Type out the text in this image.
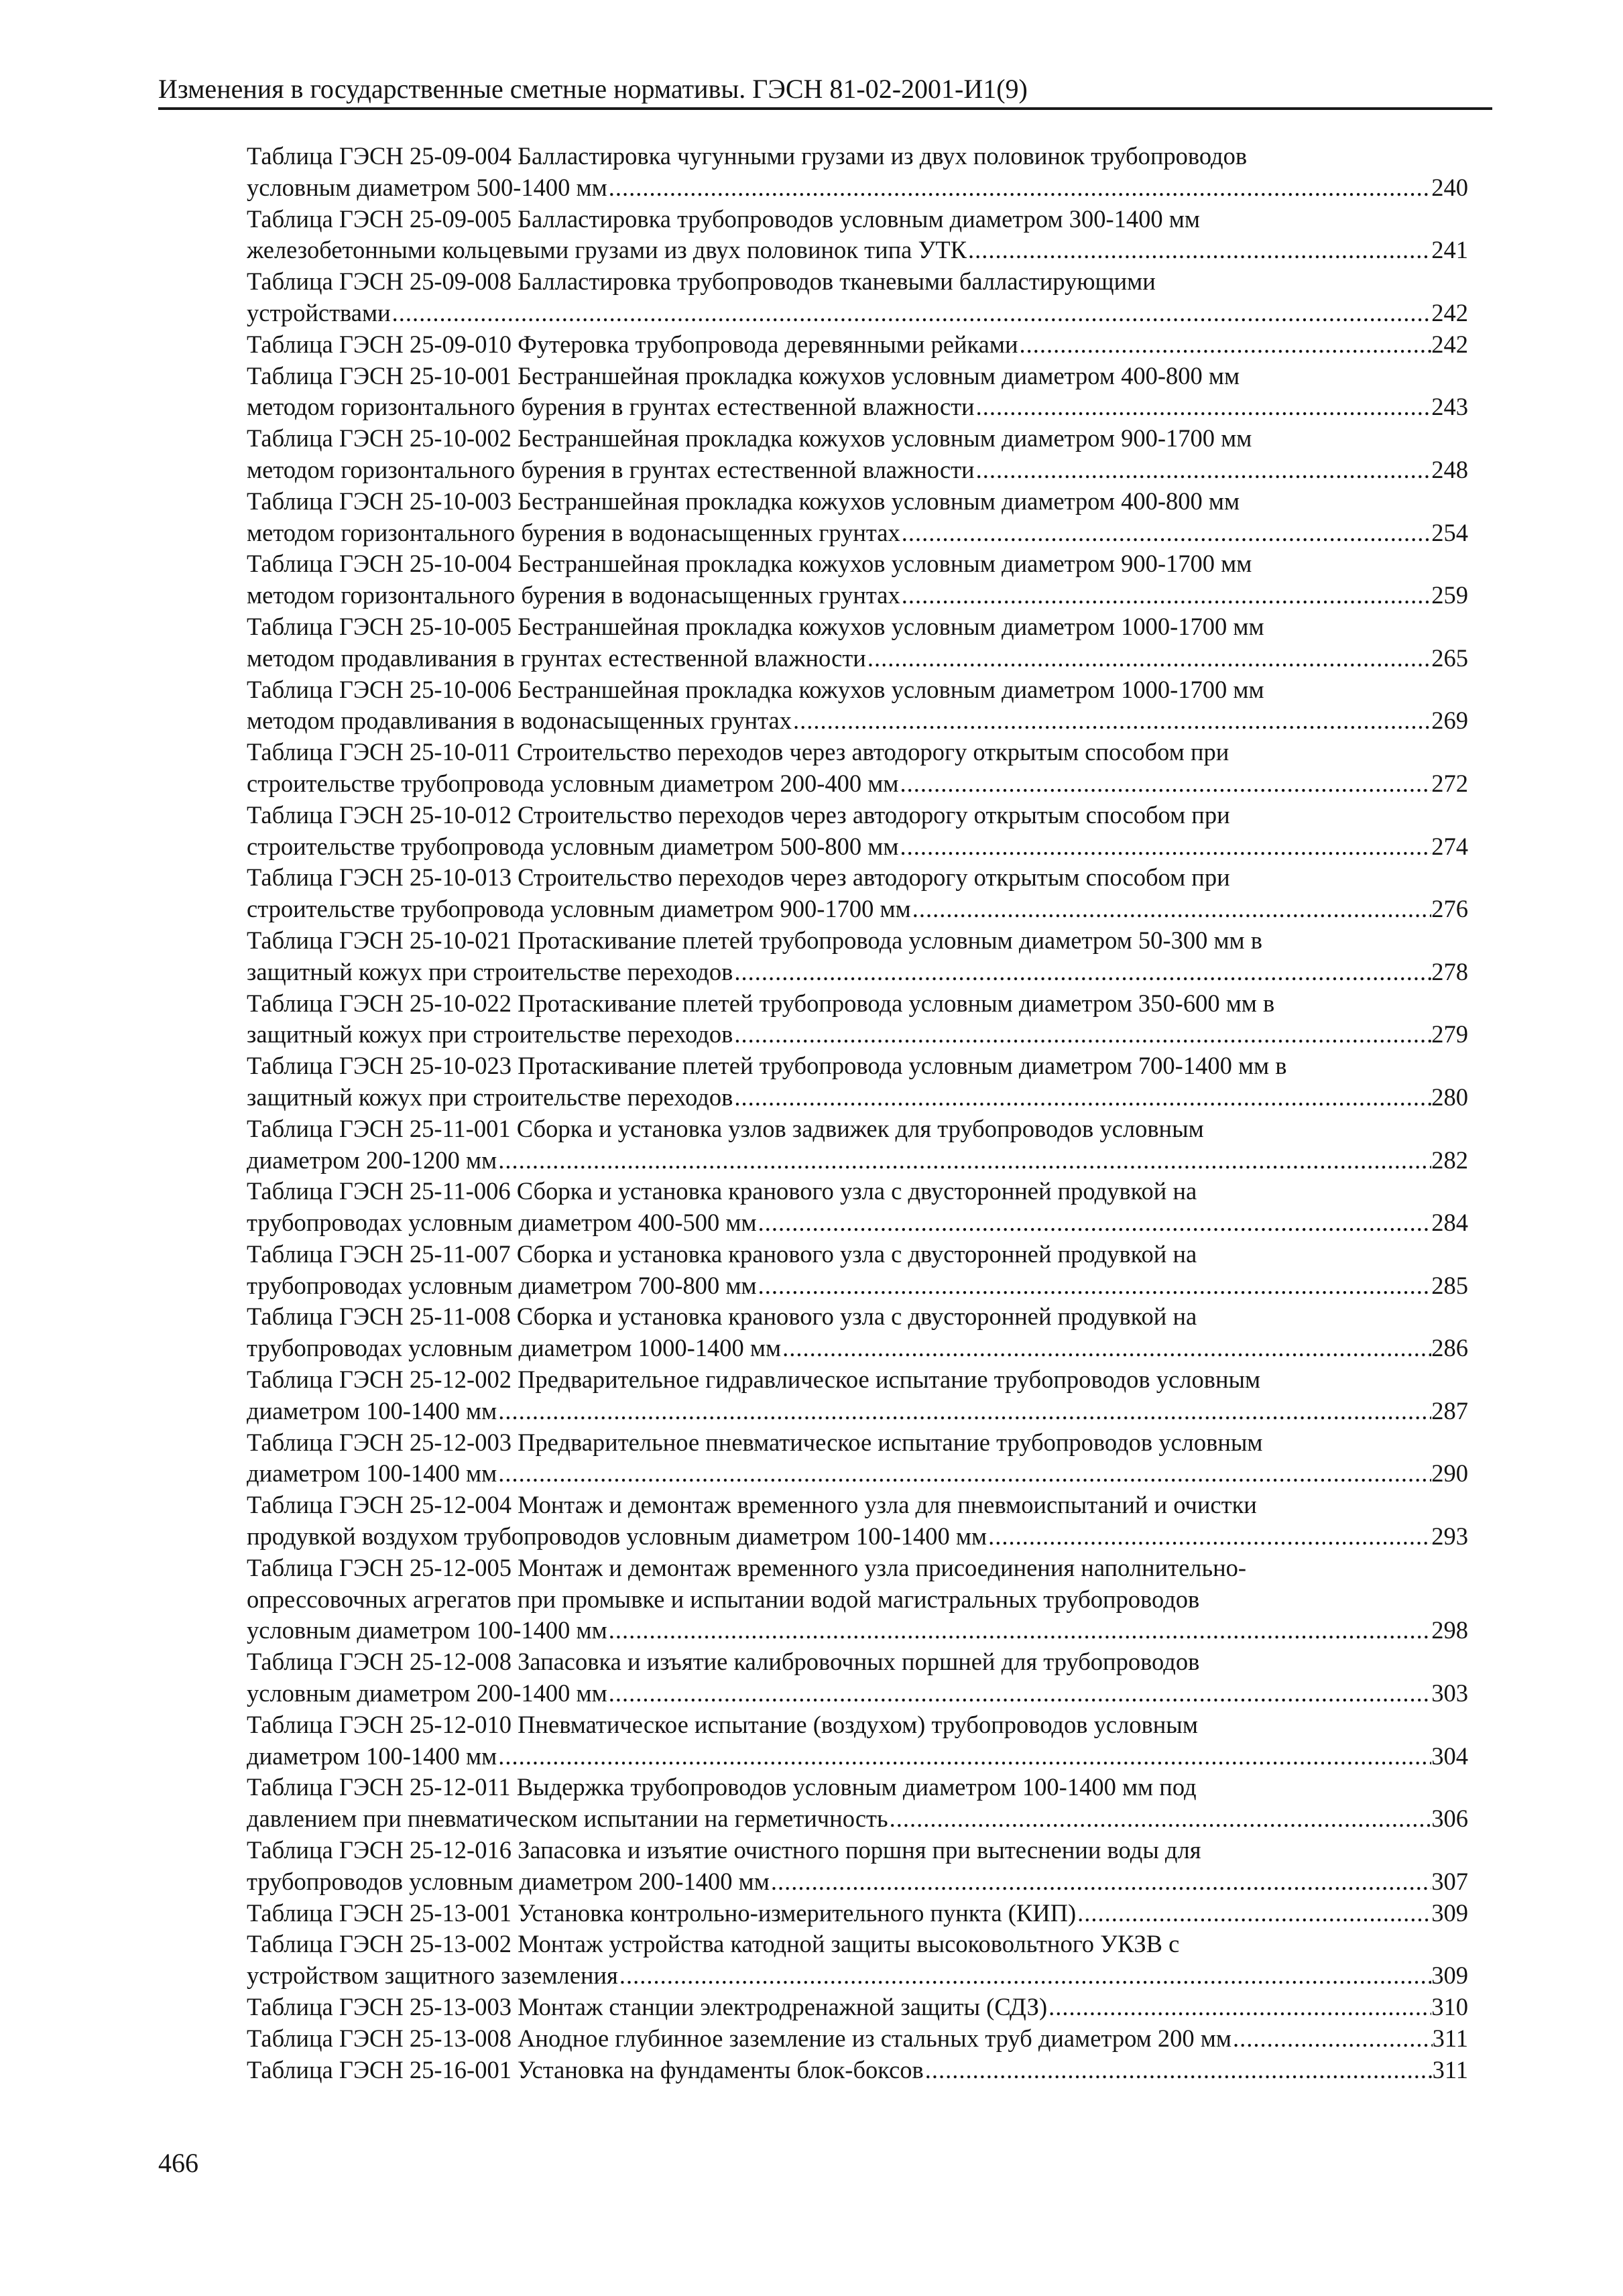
Изменения в государственные сметные нормативы. ГЭСН 81-02-2001-И1(9)
Таблица ГЭСН 25-09-004 Балластировка чугунными грузами из двух половинок трубопроводов
условным диаметром 500-1400 мм .....	240
Таблица ГЭСН 25-09-005 Балластировка трубопроводов условным диаметром 300-1400 мм
железобетонными кольцевыми грузами из двух половинок типа УТК .....	241
Таблица ГЭСН 25-09-008 Балластировка трубопроводов тканевыми балластирующими
устройствами .....	242
Таблица ГЭСН 25-09-010 Футеровка трубопровода деревянными рейками .....	242
Таблица ГЭСН 25-10-001 Бестраншейная прокладка кожухов условным диаметром 400-800 мм
методом горизонтального бурения в грунтах естественной влажности .....	243
Таблица ГЭСН 25-10-002 Бестраншейная прокладка кожухов условным диаметром 900-1700 мм
методом горизонтального бурения в грунтах естественной влажности .....	248
Таблица ГЭСН 25-10-003 Бестраншейная прокладка кожухов условным диаметром 400-800 мм
методом горизонтального бурения в водонасыщенных грунтах .....	254
Таблица ГЭСН 25-10-004 Бестраншейная прокладка кожухов условным диаметром 900-1700 мм
методом горизонтального бурения в водонасыщенных грунтах .....	259
Таблица ГЭСН 25-10-005 Бестраншейная прокладка кожухов условным диаметром 1000-1700 мм
методом продавливания в грунтах естественной влажности .....	265
Таблица ГЭСН 25-10-006 Бестраншейная прокладка кожухов условным диаметром 1000-1700 мм
методом продавливания в водонасыщенных грунтах .....	269
Таблица ГЭСН 25-10-011 Строительство переходов через автодорогу открытым способом при
строительстве трубопровода условным диаметром 200-400 мм .....	272
Таблица ГЭСН 25-10-012 Строительство переходов через автодорогу открытым способом при
строительстве трубопровода условным диаметром 500-800 мм .....	274
Таблица ГЭСН 25-10-013 Строительство переходов через автодорогу открытым способом при
строительстве трубопровода условным диаметром 900-1700 мм .....	276
Таблица ГЭСН 25-10-021 Протаскивание плетей трубопровода условным диаметром 50-300 мм в
защитный кожух при строительстве переходов .....	278
Таблица ГЭСН 25-10-022 Протаскивание плетей трубопровода условным диаметром 350-600 мм в
защитный кожух при строительстве переходов .....	279
Таблица ГЭСН 25-10-023 Протаскивание плетей трубопровода условным диаметром 700-1400 мм в
защитный кожух при строительстве переходов .....	280
Таблица ГЭСН 25-11-001 Сборка и установка узлов задвижек для трубопроводов условным
диаметром 200-1200 мм .....	282
Таблица ГЭСН 25-11-006 Сборка и установка кранового узла с двусторонней продувкой на
трубопроводах условным диаметром 400-500 мм .....	284
Таблица ГЭСН 25-11-007 Сборка и установка кранового узла с двусторонней продувкой на
трубопроводах условным диаметром 700-800 мм .....	285
Таблица ГЭСН 25-11-008 Сборка и установка кранового узла с двусторонней продувкой на
трубопроводах условным диаметром 1000-1400 мм .....	286
Таблица ГЭСН 25-12-002 Предварительное гидравлическое испытание трубопроводов условным
диаметром 100-1400 мм .....	287
Таблица ГЭСН 25-12-003 Предварительное пневматическое испытание трубопроводов условным
диаметром 100-1400 мм .....	290
Таблица ГЭСН 25-12-004 Монтаж и демонтаж временного узла для пневмоиспытаний и очистки
продувкой воздухом трубопроводов условным диаметром 100-1400 мм .....	293
Таблица ГЭСН 25-12-005 Монтаж и демонтаж временного узла присоединения наполнительно-
опрессовочных агрегатов при промывке и испытании водой магистральных трубопроводов
условным диаметром 100-1400 мм .....	298
Таблица ГЭСН 25-12-008 Запасовка и изъятие калибровочных поршней для трубопроводов
условным диаметром 200-1400 мм .....	303
Таблица ГЭСН 25-12-010 Пневматическое испытание (воздухом) трубопроводов условным
диаметром 100-1400 мм .....	304
Таблица ГЭСН 25-12-011 Выдержка трубопроводов условным диаметром 100-1400 мм под
давлением при пневматическом испытании на герметичность .....	306
Таблица ГЭСН 25-12-016 Запасовка и изъятие очистного поршня при вытеснении воды для
трубопроводов условным диаметром 200-1400 мм .....	307
Таблица ГЭСН 25-13-001 Установка контрольно-измерительного пункта (КИП) .....	309
Таблица ГЭСН 25-13-002 Монтаж устройства катодной защиты высоковольтного УКЗВ с
устройством защитного заземления .....	309
Таблица ГЭСН 25-13-003 Монтаж станции электродренажной защиты (СДЗ) .....	310
Таблица ГЭСН 25-13-008 Анодное глубинное заземление из стальных труб диаметром 200 мм .....	311
Таблица ГЭСН 25-16-001 Установка на фундаменты блок-боксов .....	311
466
